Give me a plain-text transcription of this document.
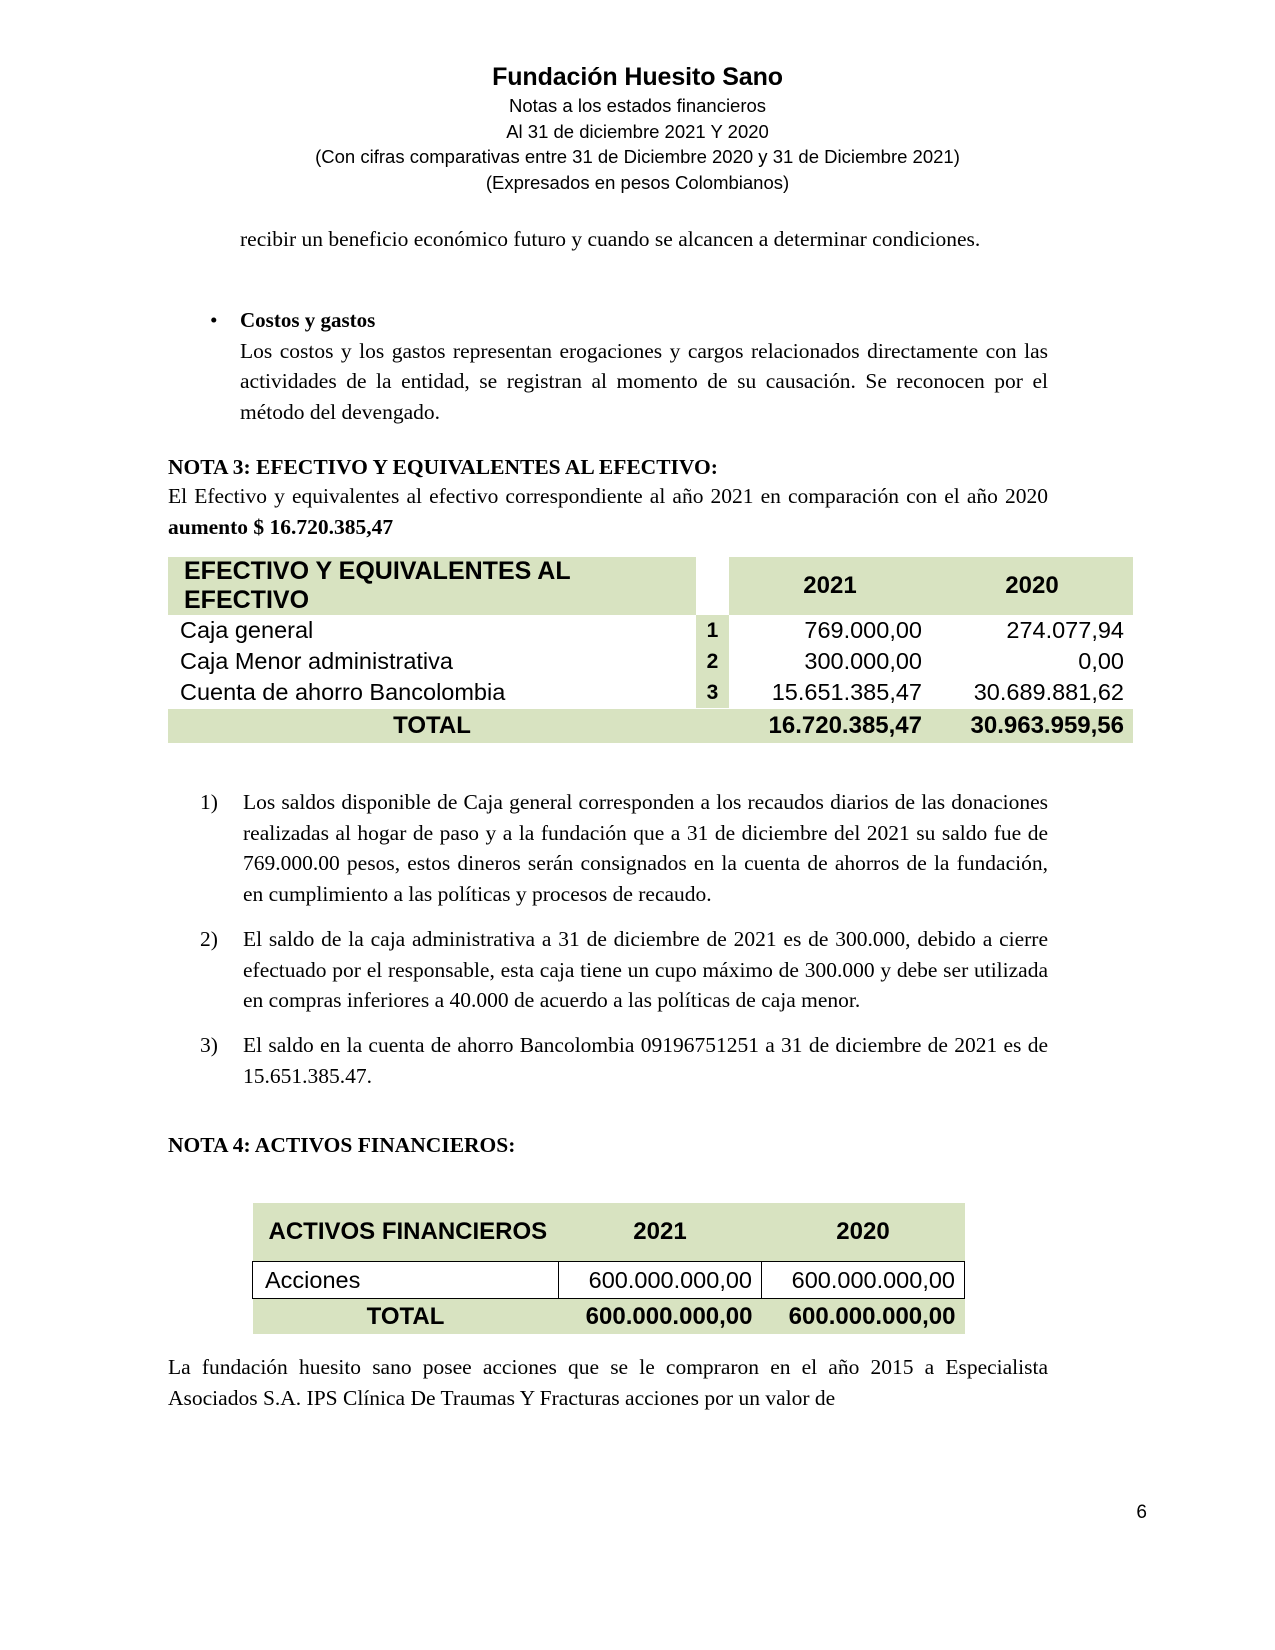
Fundación Huesito Sano
Notas a los estados financieros
Al 31 de diciembre 2021 Y 2020
(Con cifras comparativas entre 31 de Diciembre 2020 y 31 de Diciembre 2021)
(Expresados en pesos Colombianos)

recibir un beneficio económico futuro y cuando se alcancen a determinar condiciones.

• Costos y gastos

Los costos y los gastos representan erogaciones y cargos relacionados directamente con las actividades de la entidad, se registran al momento de su causación. Se reconocen por el método del devengado.

NOTA 3: EFECTIVO Y EQUIVALENTES AL EFECTIVO:

El Efectivo y equivalentes al efectivo correspondiente al año 2021 en comparación con el año 2020 aumento $ 16.720.385,47

EFECTIVO Y EQUIVALENTES AL EFECTIVO			2021	2020
Caja general		1	769.000,00	274.077,94
Caja Menor administrativa		2	300.000,00	0,00
Cuenta de ahorro Bancolombia		3	15.651.385,47	30.689.881,62
TOTAL			16.720.385,47	30.963.959,56
1)	Los saldos disponible de Caja general corresponden a los recaudos diarios de las donaciones realizadas al hogar de paso y a la fundación que a 31 de diciembre del 2021 su saldo fue de 769.000.00 pesos, estos dineros serán consignados en la cuenta de ahorros de la fundación, en cumplimiento a las políticas y procesos de recaudo.
2)	El saldo de la caja administrativa a 31 de diciembre de 2021 es de 300.000, debido a cierre efectuado por el responsable, esta caja tiene un cupo máximo de 300.000 y debe ser utilizada en compras inferiores a 40.000 de acuerdo a las políticas de caja menor.
3)	El saldo en la cuenta de ahorro Bancolombia 09196751251 a 31 de diciembre de 2021 es de 15.651.385.47.

NOTA 4: ACTIVOS FINANCIEROS:

ACTIVOS FINANCIEROS	2021	2020
Acciones	600.000.000,00	600.000.000,00
TOTAL	600.000.000,00	600.000.000,00

La fundación huesito sano posee acciones que se le compraron en el año 2015 a Especialista Asociados S.A. IPS Clínica De Traumas Y Fracturas acciones por un valor de

6
